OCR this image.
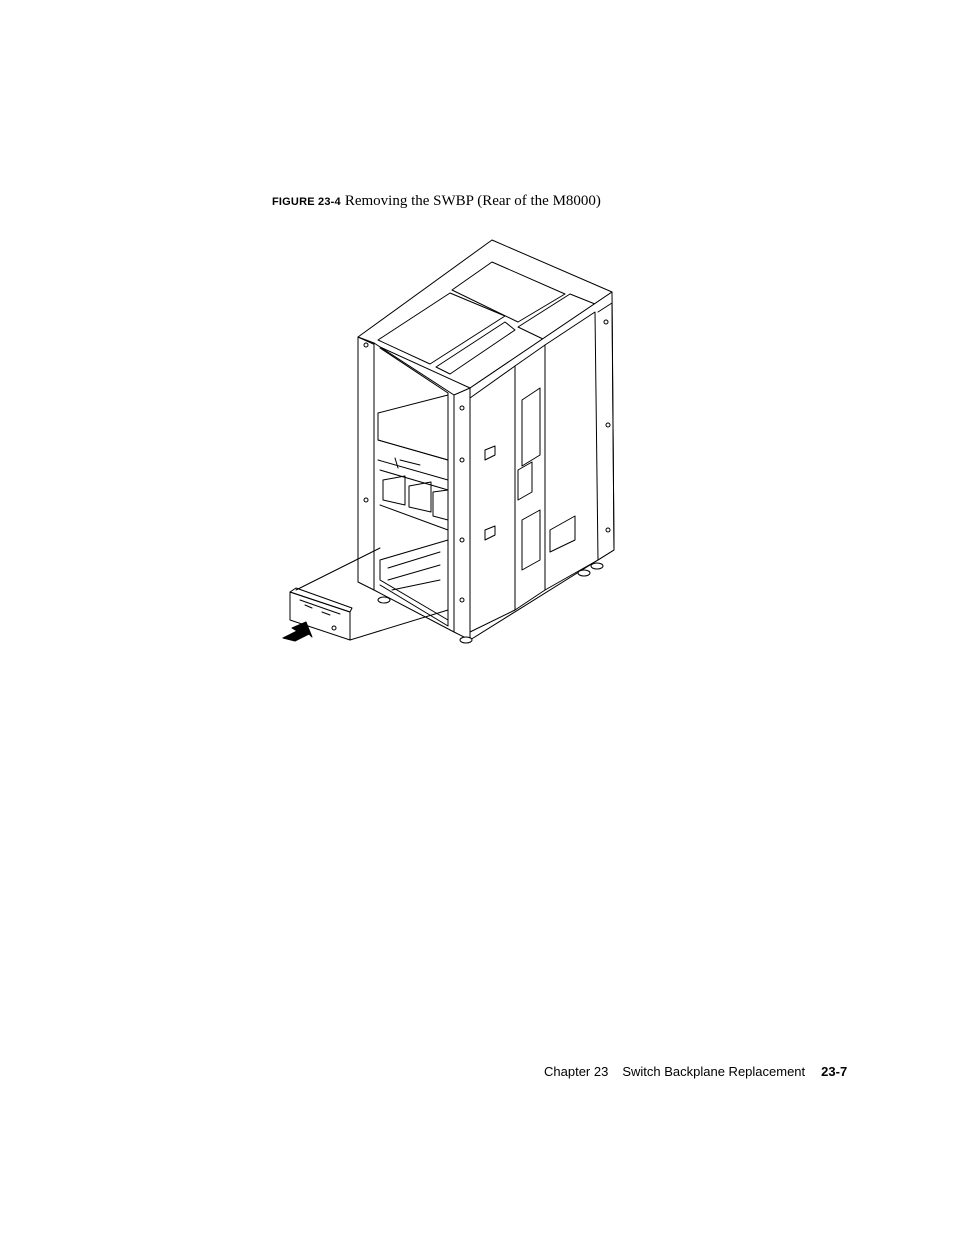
FIGURE 23-4 Removing the SWBP (Rear of the M8000)
Chapter 23 Switch Backplane Replacement 23-7
